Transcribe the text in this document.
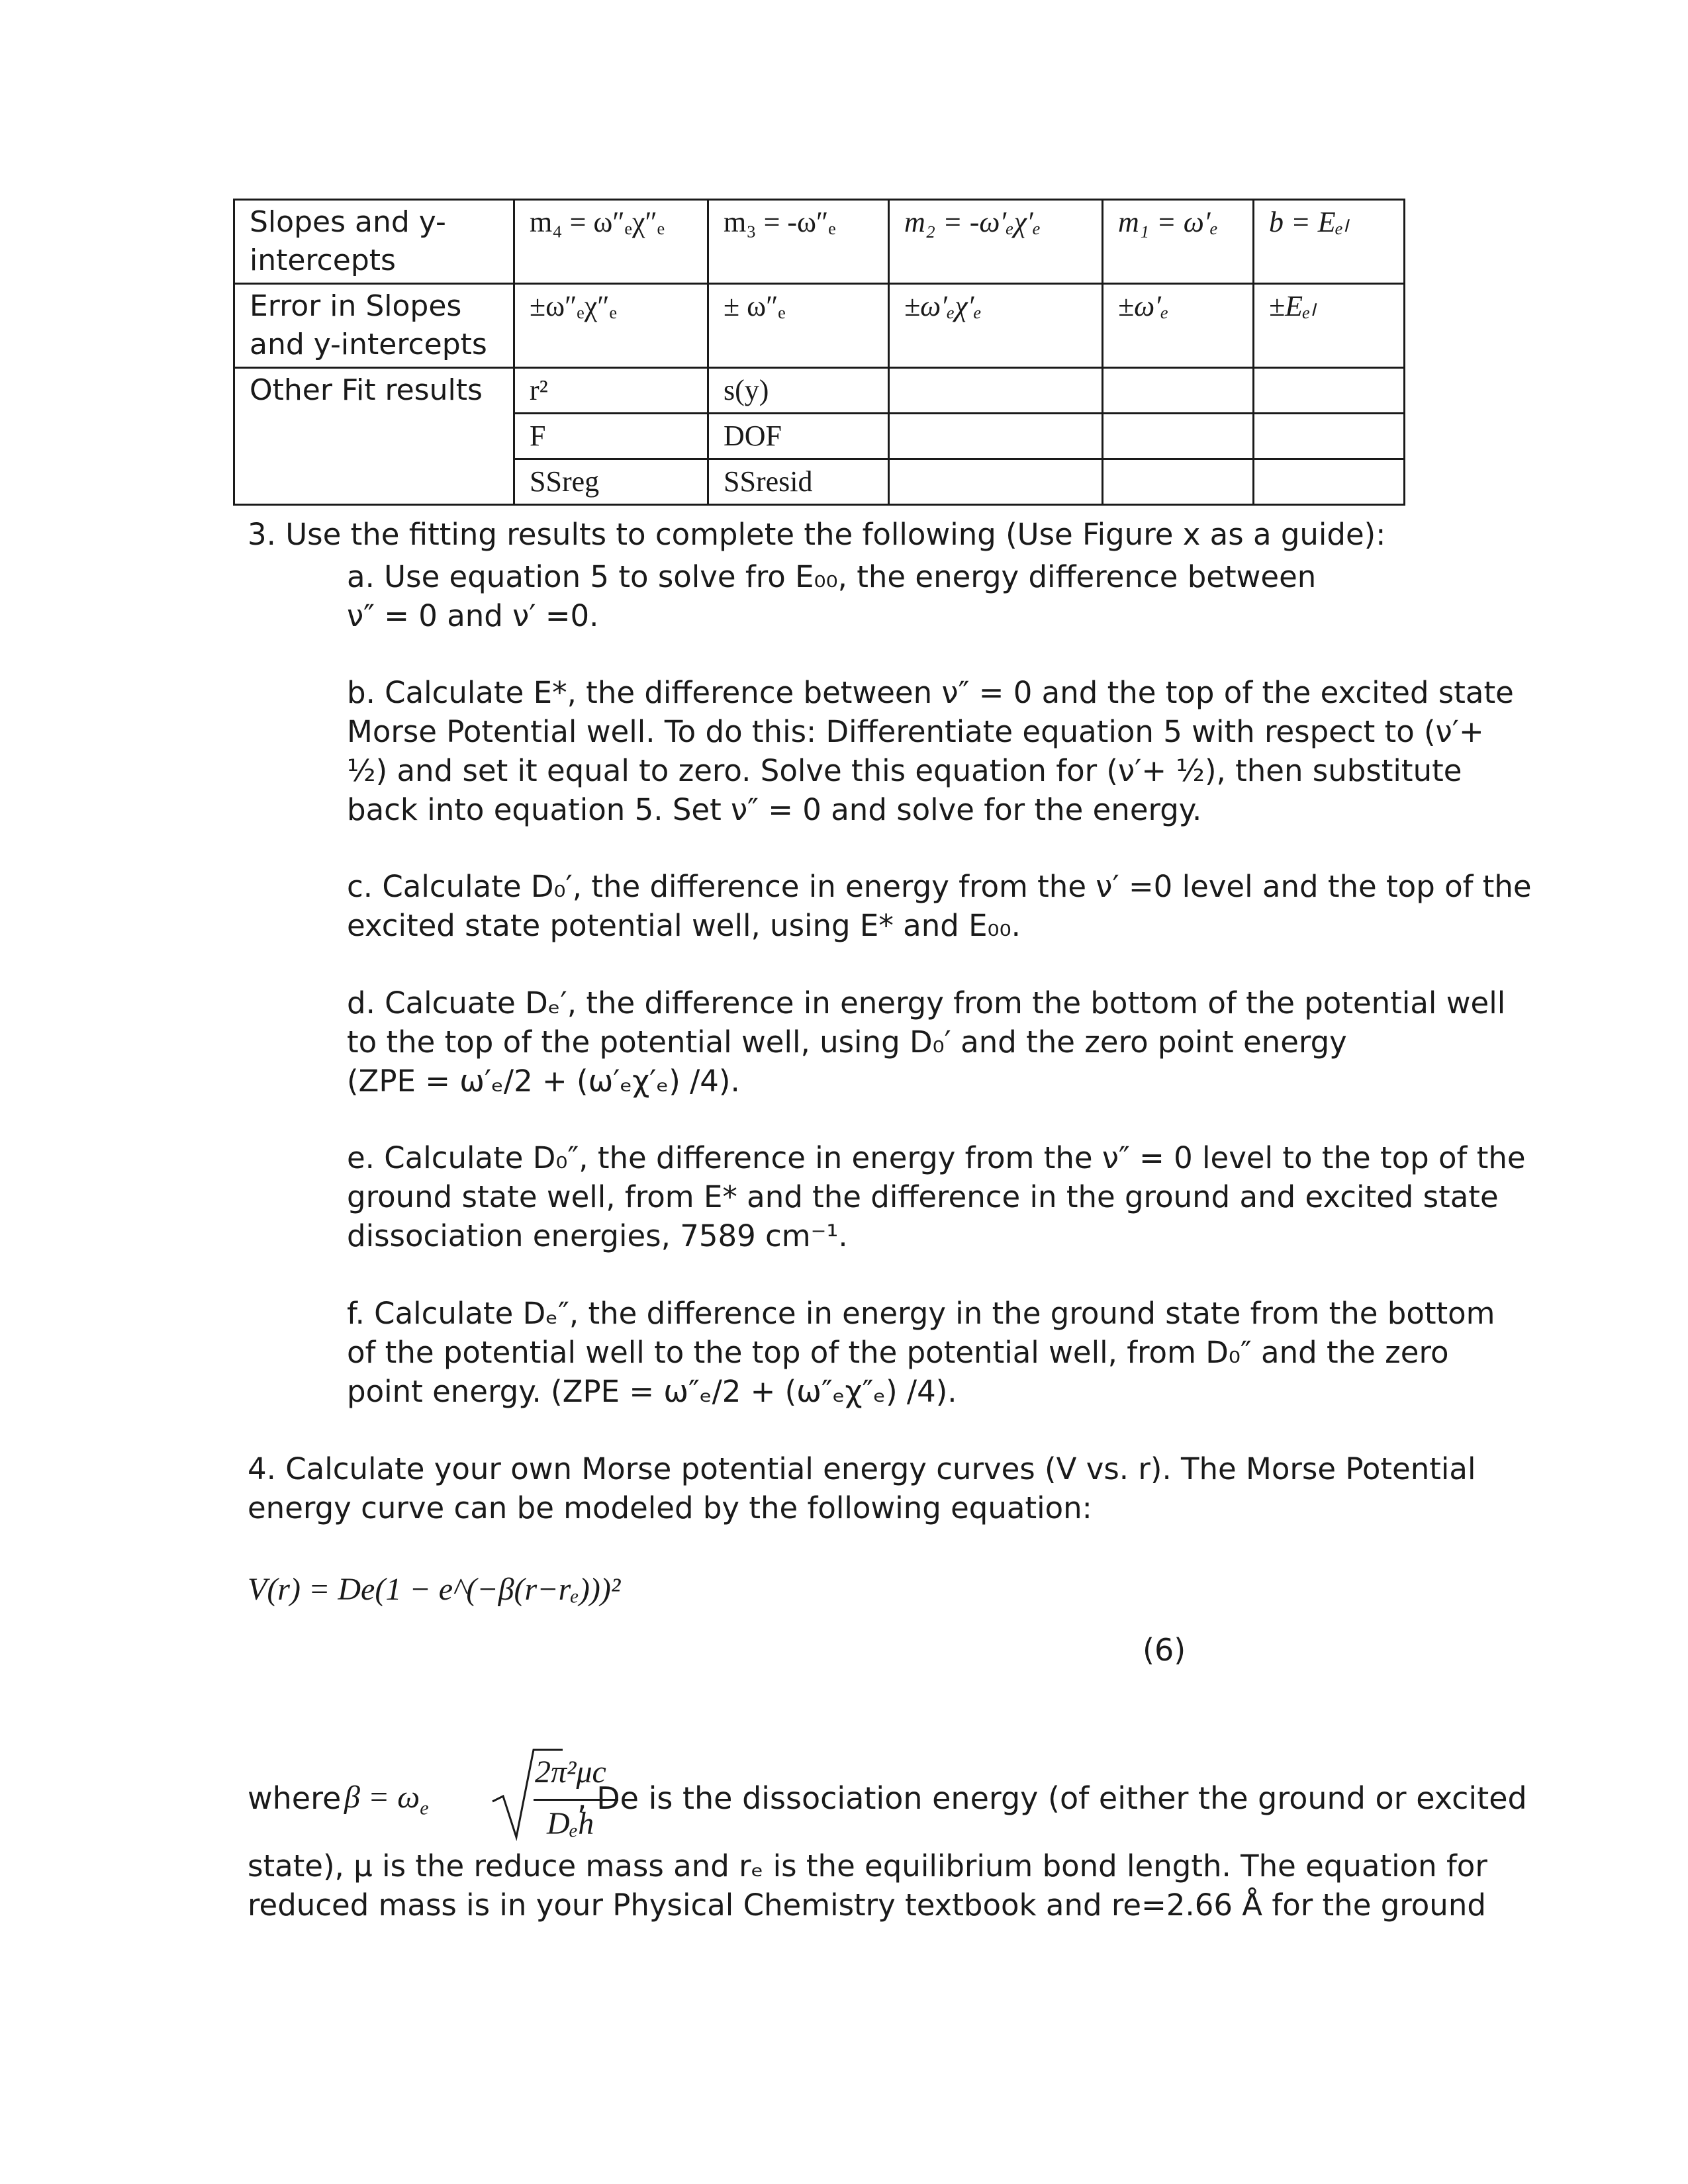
Slopes and y-intercepts	m₄ = ω″ₑχ″ₑ	m₃ = -ω″ₑ	m₂ = -ω′ₑχ′ₑ	m₁ = ω′ₑ	b = Eₑₗ
Error in Slopes and y-intercepts	±ω″ₑχ″ₑ	± ω″ₑ	±ω′ₑχ′ₑ	±ω′ₑ	±Eₑₗ
Other Fit results	r²	s(y)			
	F	DOF			
	SSreg	SSresid			
3. Use the fitting results to complete the following (Use Figure x as a guide):
a. Use equation 5 to solve fro E₀₀, the energy difference between
ν″ = 0 and ν′ =0.
b. Calculate E*, the difference between ν″ = 0 and the top of the excited state
Morse Potential well. To do this: Differentiate equation 5 with respect to (ν′+
½) and set it equal to zero. Solve this equation for (ν′+ ½), then substitute
back into equation 5. Set ν″ = 0 and solve for the energy.
c. Calculate D₀′, the difference in energy from the ν′ =0 level and the top of the
excited state potential well, using E* and E₀₀.
d. Calcuate Dₑ′, the difference in energy from the bottom of the potential well
to the top of the potential well, using D₀′ and the zero point energy
(ZPE = ω′ₑ/2 + (ω′ₑχ′ₑ) /4).
e. Calculate D₀″, the difference in energy from the ν″ = 0 level to the top of the
ground state well, from E* and the difference in the ground and excited state
dissociation energies, 7589 cm⁻¹.
f. Calculate Dₑ″, the difference in energy in the ground state from the bottom
of the potential well to the top of the potential well, from D₀″ and the zero
point energy. (ZPE = ω″ₑ/2 + (ω″ₑχ″ₑ) /4).
4. Calculate your own Morse potential energy curves (V vs. r). The Morse Potential
energy curve can be modeled by the following equation:
V(r) = De(1 − e^(−β(r−rₑ)))²
(6)
where $\beta = \omega_e$
2π²μc
Dₑh
, De is the dissociation energy (of either the ground or excited
state), μ is the reduce mass and rₑ is the equilibrium bond length. The equation for
reduced mass is in your Physical Chemistry textbook and re=2.66 Å for the ground
